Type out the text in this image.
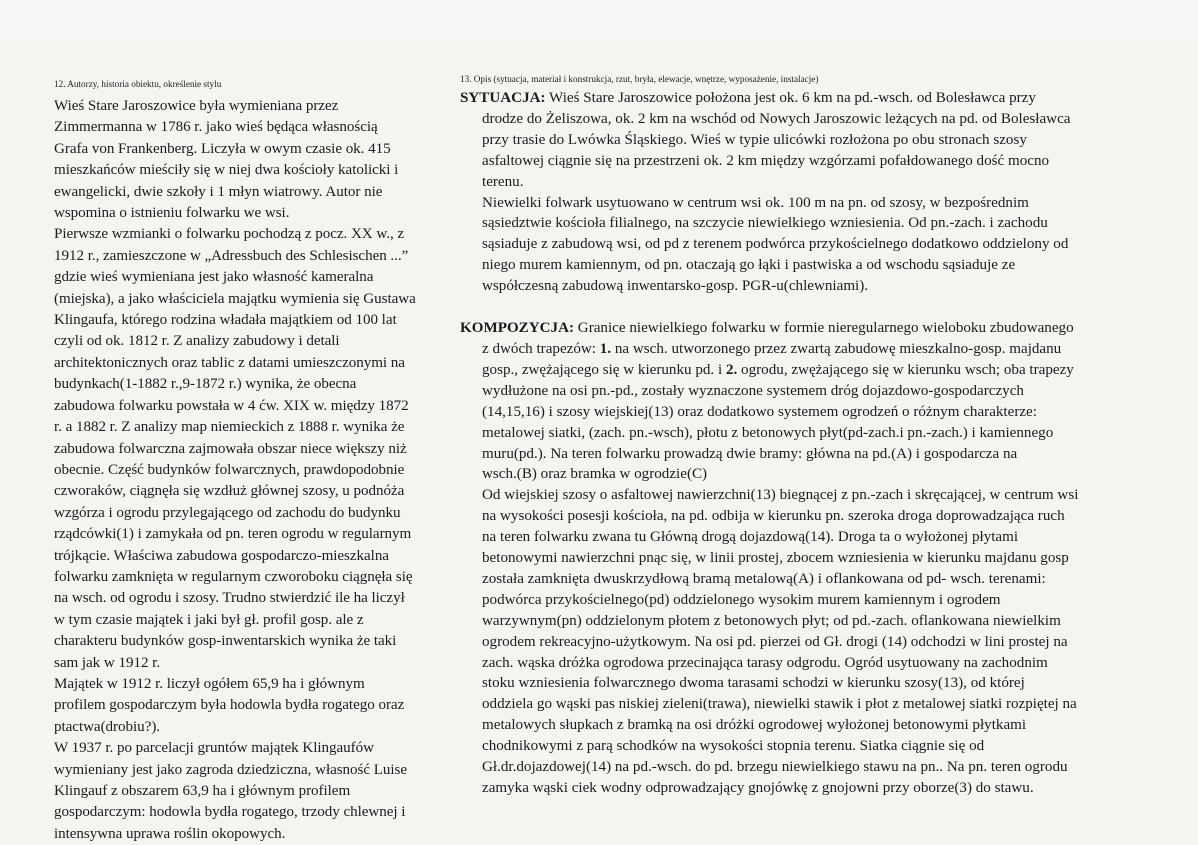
12. Autorzy, historia obiektu, określenie stylu

Wieś Stare Jaroszowice była wymieniana przez

Zimmermanna w 1786 r. jako wieś będąca własnością

Grafa von Frankenberg. Liczyła w owym czasie ok. 415

mieszkańców mieściły się w niej dwa kościoły katolicki i

ewangelicki, dwie szkoły i 1 młyn wiatrowy. Autor nie

wspomina o istnieniu folwarku we wsi.

Pierwsze wzmianki o folwarku pochodzą z pocz. XX w., z

1912 r., zamieszczone w „Adressbuch des Schlesischen ...”

gdzie wieś wymieniana jest jako własność kameralna

(miejska), a jako właściciela majątku wymienia się Gustawa

Klingaufa, którego rodzina władała majątkiem od 100 lat

czyli od ok. 1812 r. Z analizy zabudowy i detali

architektonicznych oraz tablic z datami umieszczonymi na

budynkach(1-1882 r.,9-1872 r.) wynika, że obecna

zabudowa folwarku powstała w 4 ćw. XIX w. między 1872

r. a 1882 r. Z analizy map niemieckich z 1888 r. wynika że

zabudowa folwarczna zajmowała obszar niece większy niż

obecnie. Część budynków folwarcznych, prawdopodobnie

czworaków, ciągnęła się wzdłuż głównej szosy, u podnóża

wzgórza i ogrodu przylegającego od zachodu do budynku

rządcówki(1) i zamykała od pn. teren ogrodu w regularnym

trójkącie. Właściwa zabudowa gospodarczo-mieszkalna

folwarku zamknięta w regularnym czworoboku ciągnęła się

na wsch. od ogrodu i szosy. Trudno stwierdzić ile ha liczył

w tym czasie majątek i jaki był gł. profil gosp. ale z

charakteru budynków gosp-inwentarskich wynika że taki

sam jak w 1912 r.

Majątek w 1912 r. liczył ogółem 65,9 ha i głównym

profilem gospodarczym była hodowla bydła rogatego oraz

ptactwa(drobiu?).

W 1937 r. po parcelacji gruntów majątek Klingaufów

wymieniany jest jako zagroda dziedziczna, własność Luise

Klingauf z obszarem 63,9 ha i głównym profilem

gospodarczym: hodowla bydła rogatego, trzody chlewnej i

intensywna uprawa roślin okopowych.

13. Opis (sytuacja, materiał i konstrukcja, rzut, bryła, elewacje, wnętrze, wyposażenie, instalacje)

SYTUACJA: Wieś Stare Jaroszowice położona jest ok. 6 km na pd.-wsch. od Bolesławca przy

drodze do Żeliszowa, ok. 2 km na wschód od Nowych Jaroszowic leżących na pd. od Bolesławca

przy trasie do Lwówka Śląskiego. Wieś w typie ulicówki rozłożona po obu stronach szosy

asfaltowej ciągnie się na przestrzeni ok. 2 km między wzgórzami pofałdowanego dość mocno

terenu.

Niewielki folwark usytuowano w centrum wsi ok. 100 m na pn. od szosy, w bezpośrednim

sąsiedztwie kościoła filialnego, na szczycie niewielkiego wzniesienia. Od pn.-zach. i zachodu

sąsiaduje z zabudową wsi, od pd z terenem podwórca przykościelnego dodatkowo oddzielony od

niego murem kamiennym, od pn. otaczają go łąki i pastwiska a od wschodu sąsiaduje ze

współczesną zabudową inwentarsko-gosp. PGR-u(chlewniami).

KOMPOZYCJA: Granice niewielkiego folwarku w formie nieregularnego wieloboku zbudowanego

z dwóch trapezów: 1. na wsch. utworzonego przez zwartą zabudowę mieszkalno-gosp. majdanu

gosp., zwężającego się w kierunku pd. i 2. ogrodu, zwężającego się w kierunku wsch; oba trapezy

wydłużone na osi pn.-pd., zostały wyznaczone systemem dróg dojazdowo-gospodarczych

(14,15,16) i szosy wiejskiej(13) oraz dodatkowo systemem ogrodzeń o różnym charakterze:

metalowej siatki, (zach. pn.-wsch), płotu z betonowych płyt(pd-zach.i pn.-zach.) i kamiennego

muru(pd.). Na teren folwarku prowadzą dwie bramy: główna na pd.(A) i gospodarcza na

wsch.(B) oraz bramka w ogrodzie(C)

Od wiejskiej szosy o asfaltowej nawierzchni(13) biegnącej z pn.-zach i skręcającej, w centrum wsi

na wysokości posesji kościoła, na pd. odbija w kierunku pn. szeroka droga doprowadzająca ruch

na teren folwarku zwana tu Główną drogą dojazdową(14). Droga ta o wyłożonej płytami

betonowymi nawierzchni pnąc się, w linii prostej, zbocem wzniesienia w kierunku majdanu gosp

została zamknięta dwuskrzydłową bramą metalową(A) i oflankowana od pd- wsch. terenami:

podwórca przykościelnego(pd) oddzielonego wysokim murem kamiennym i ogrodem

warzywnym(pn) oddzielonym płotem z betonowych płyt; od pd.-zach. oflankowana niewielkim

ogrodem rekreacyjno-użytkowym. Na osi pd. pierzei od Gł. drogi (14) odchodzi w lini prostej na

zach. wąska dróżka ogrodowa przecinająca tarasy odgrodu. Ogród usytuowany na zachodnim

stoku wzniesienia folwarcznego dwoma tarasami schodzi w kierunku szosy(13), od której

oddziela go wąski pas niskiej zieleni(trawa), niewielki stawik i płot z metalowej siatki rozpiętej na

metalowych słupkach z bramką na osi dróżki ogrodowej wyłożonej betonowymi płytkami

chodnikowymi z parą schodków na wysokości stopnia terenu. Siatka ciągnie się od

Gł.dr.dojazdowej(14) na pd.-wsch. do pd. brzegu niewielkiego stawu na pn.. Na pn. teren ogrodu

zamyka wąski ciek wodny odprowadzający gnojówkę z gnojowni przy oborze(3) do stawu.
